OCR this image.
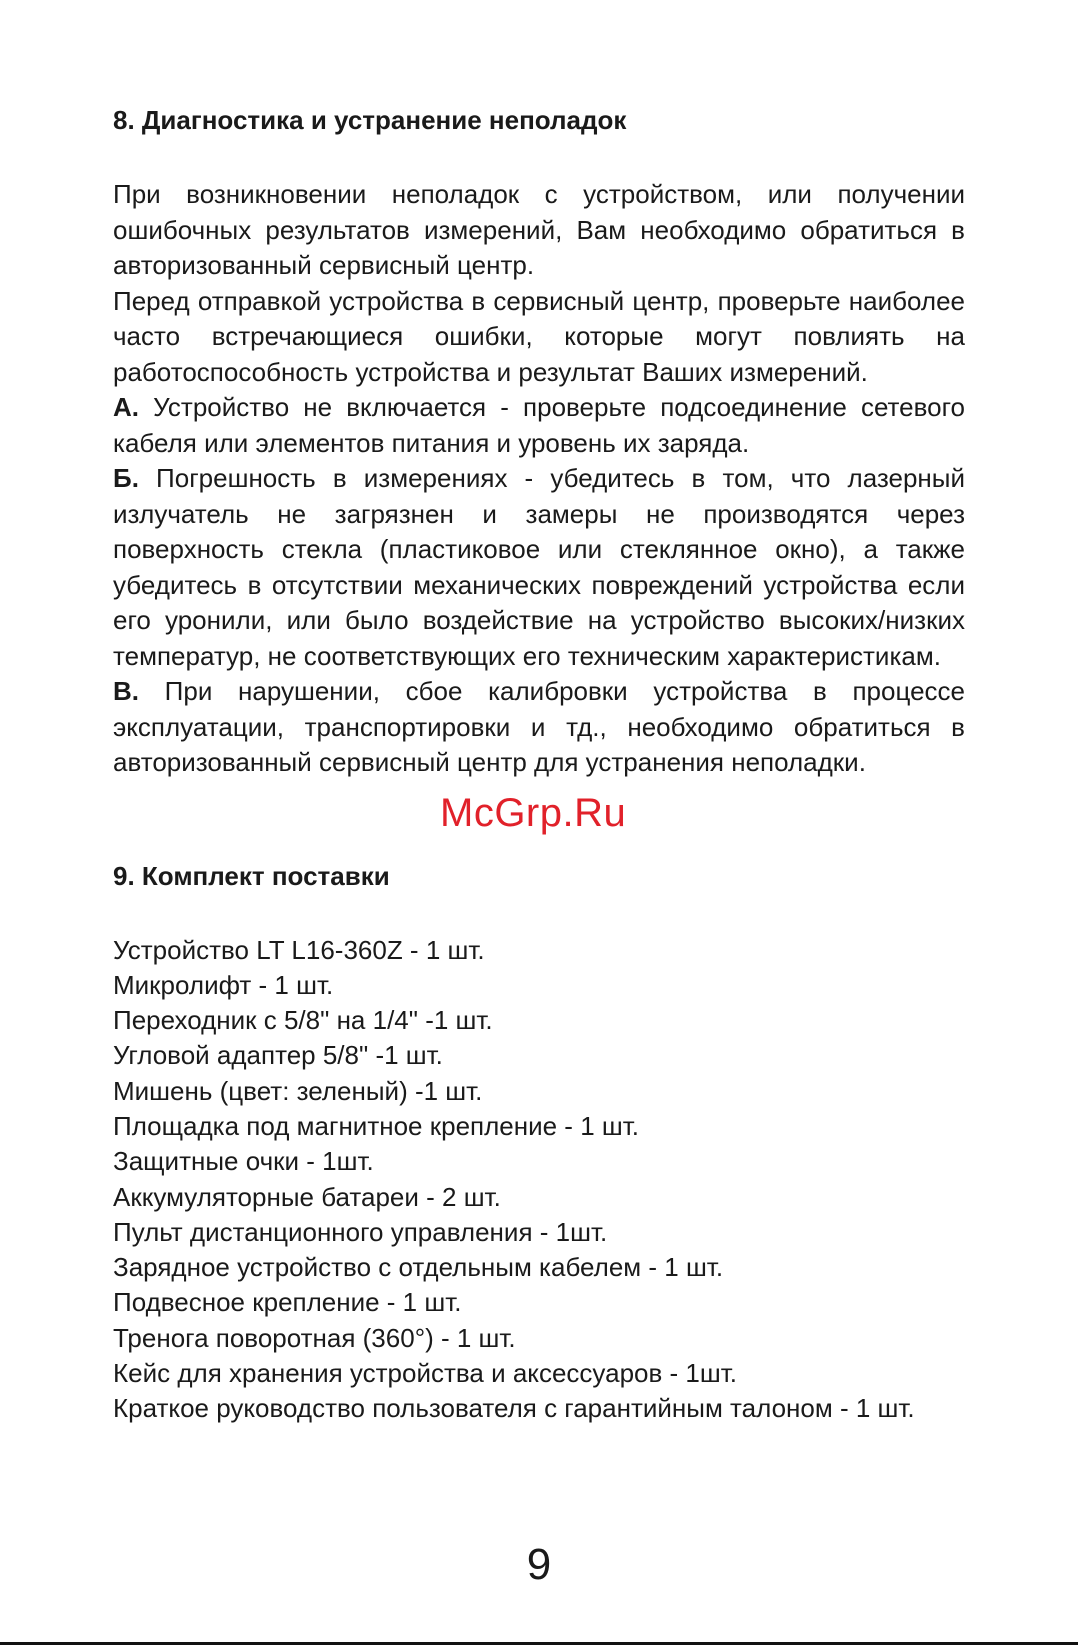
8. Диагностика и устранение неполадок

При возникновении неполадок с устройством, или получении ошибочных результатов измерений, Вам необходимо обратиться в авторизованный сервисный центр.

Перед отправкой устройства в сервисный центр, проверьте наиболее часто встречающиеся ошибки, которые могут повлиять на работоспособность устройства и результат Ваших измерений.

А. Устройство не включается - проверьте подсоединение сетевого кабеля или элементов питания и уровень их заряда.

Б. Погрешность в измерениях - убедитесь в том, что лазерный излучатель не загрязнен и замеры не производятся через поверхность стекла (пластиковое или стеклянное окно), а также убедитесь в отсутствии механических повреждений устройства если его уронили, или было воздействие на устройство высоких/низких температур, не соответствующих его техническим характеристикам.

В. При нарушении, сбое калибровки устройства в процессе эксплуатации, транспортировки и тд., необходимо обратиться в авторизованный сервисный центр для устранения неполадки.

9. Комплект поставки
Устройство LT L16-360Z - 1 шт.
Микролифт - 1 шт.
Переходник с 5/8" на 1/4" -1 шт.
Угловой адаптер 5/8" -1 шт.
Мишень (цвет: зеленый) -1 шт.
Площадка под магнитное крепление - 1 шт.
Защитные очки - 1шт.
Аккумуляторные батареи - 2 шт.
Пульт дистанционного управления - 1шт.
Зарядное устройство с отдельным кабелем - 1 шт.
Подвесное крепление - 1 шт.
Тренога поворотная (360°) - 1 шт.
Кейс для хранения устройства и аксессуаров - 1шт.
Краткое руководство пользователя с гарантийным талоном - 1 шт.
McGrp.Ru
9
